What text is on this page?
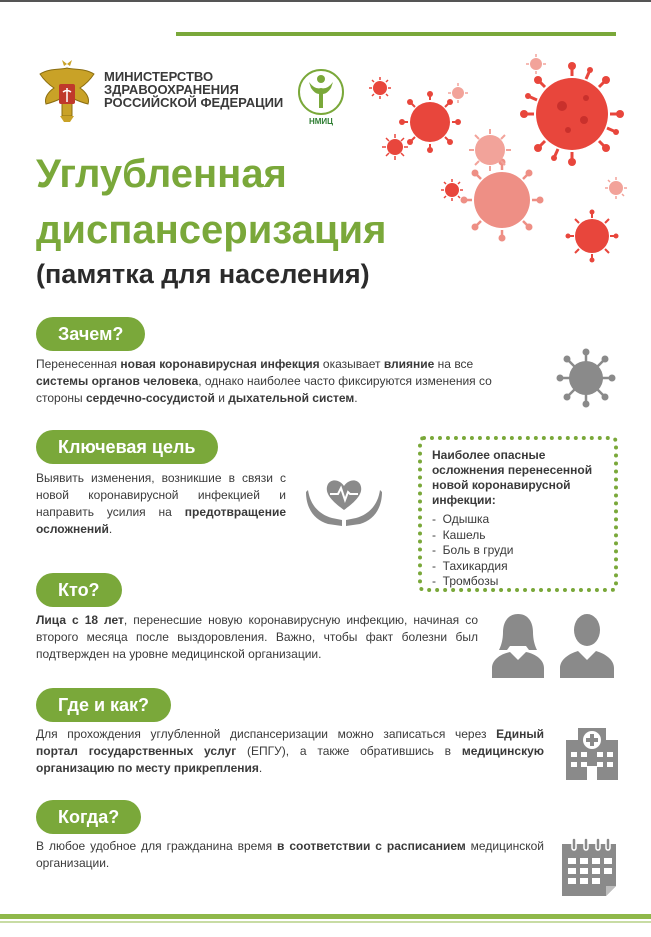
МИНИСТЕРСТВО
ЗДРАВООХРАНЕНИЯ
РОССИЙСКОЙ ФЕДЕРАЦИИ
НМИЦ
Углубленная
диспансеризация
(памятка для населения)
Зачем?
Перенесенная новая коронавирусная инфекция оказывает влияние на все системы органов человека, однако наиболее часто фиксируются изменения со стороны сердечно-сосудистой и дыхательной систем.
Ключевая цель
Выявить изменения, возникшие в связи с новой коронавирусной инфекцией и направить усилия на предотвращение осложнений.
Наиболее опасные осложнения перенесенной новой коронавирусной инфекции:
-  Одышка
-  Кашель
-  Боль в груди
-  Тахикардия
-  Тромбозы
Кто?
Лица с 18 лет, перенесшие новую коронавирусную инфекцию, начиная со второго месяца после выздоровления. Важно, чтобы факт болезни был подтвержден на уровне медицинской организации.
Где и как?
Для прохождения углубленной диспансеризации можно записаться через Единый портал государственных услуг (ЕПГУ), а также обратившись в медицинскую организацию по месту прикрепления.
Когда?
В любое удобное для гражданина время в соответствии с расписанием медицинской организации.
